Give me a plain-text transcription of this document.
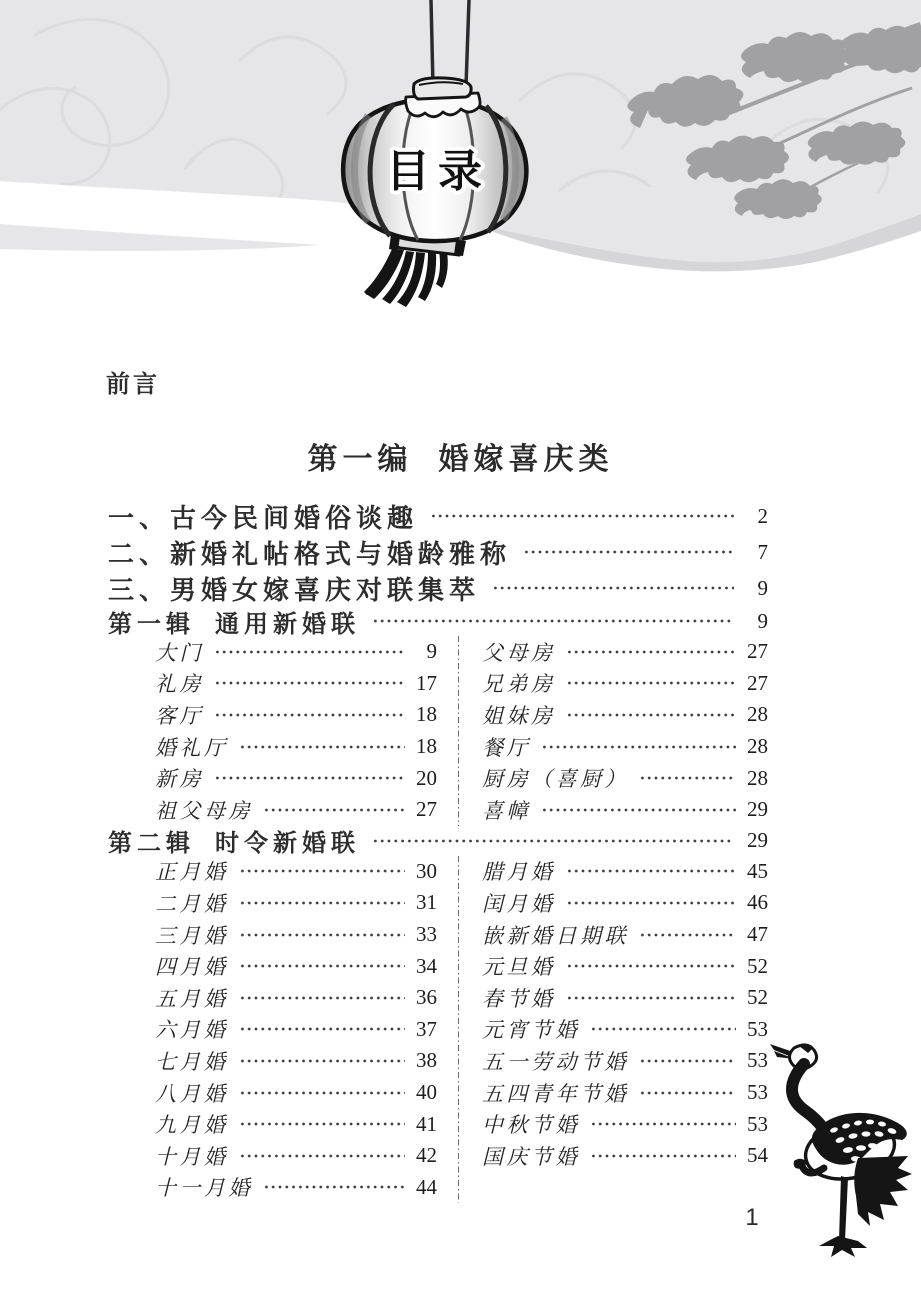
目录
前言
第一编 婚嫁喜庆类
一、古今民间婚俗谈趣	2
二、新婚礼帖格式与婚龄雅称	7
三、男婚女嫁喜庆对联集萃	9
第一辑 通用新婚联	9
大门	9
礼房	17
客厅	18
婚礼厅	18
新房	20
祖父母房	27
父母房	27
兄弟房	27
姐妹房	28
餐厅	28
厨房（喜厨）	28
喜幛	29
第二辑 时令新婚联	29
正月婚	30
二月婚	31
三月婚	33
四月婚	34
五月婚	36
六月婚	37
七月婚	38
八月婚	40
九月婚	41
十月婚	42
十一月婚	44
腊月婚	45
闰月婚	46
嵌新婚日期联	47
元旦婚	52
春节婚	52
元宵节婚	53
五一劳动节婚	53
五四青年节婚	53
中秋节婚	53
国庆节婚	54
1
